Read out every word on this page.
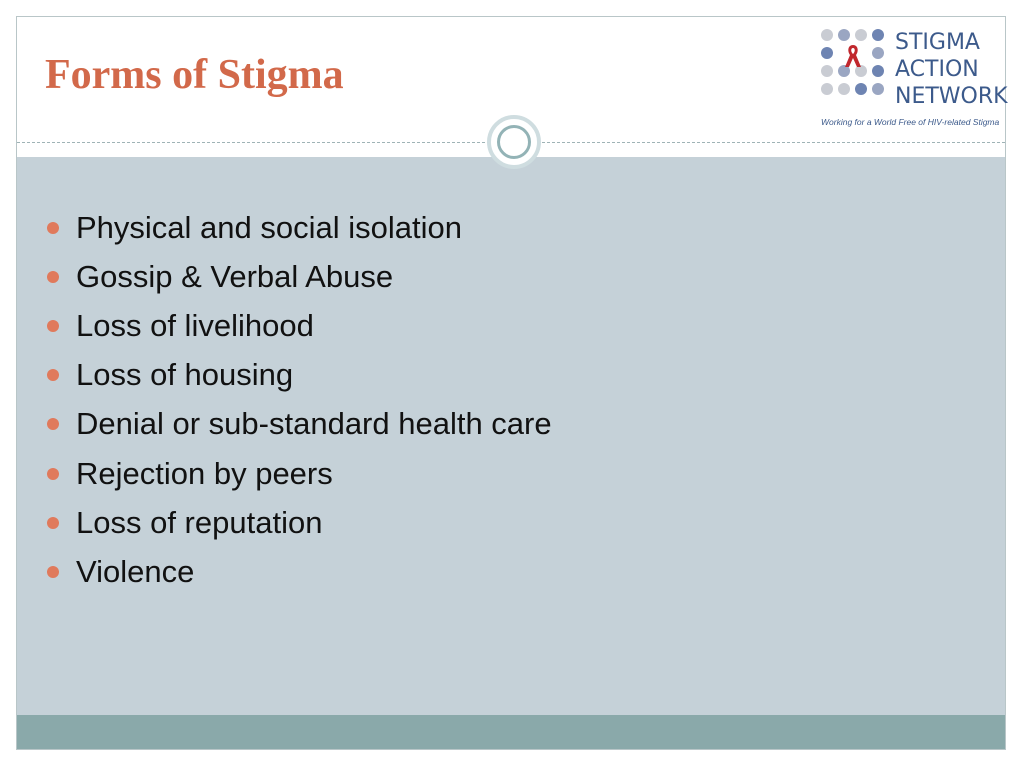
Forms of Stigma
STIGMA
ACTION
NETWORK
Working for a World Free of HIV-related Stigma
Physical and social isolation
Gossip & Verbal Abuse
Loss of livelihood
Loss of housing
Denial or sub-standard health care
Rejection by peers
Loss of reputation
Violence
